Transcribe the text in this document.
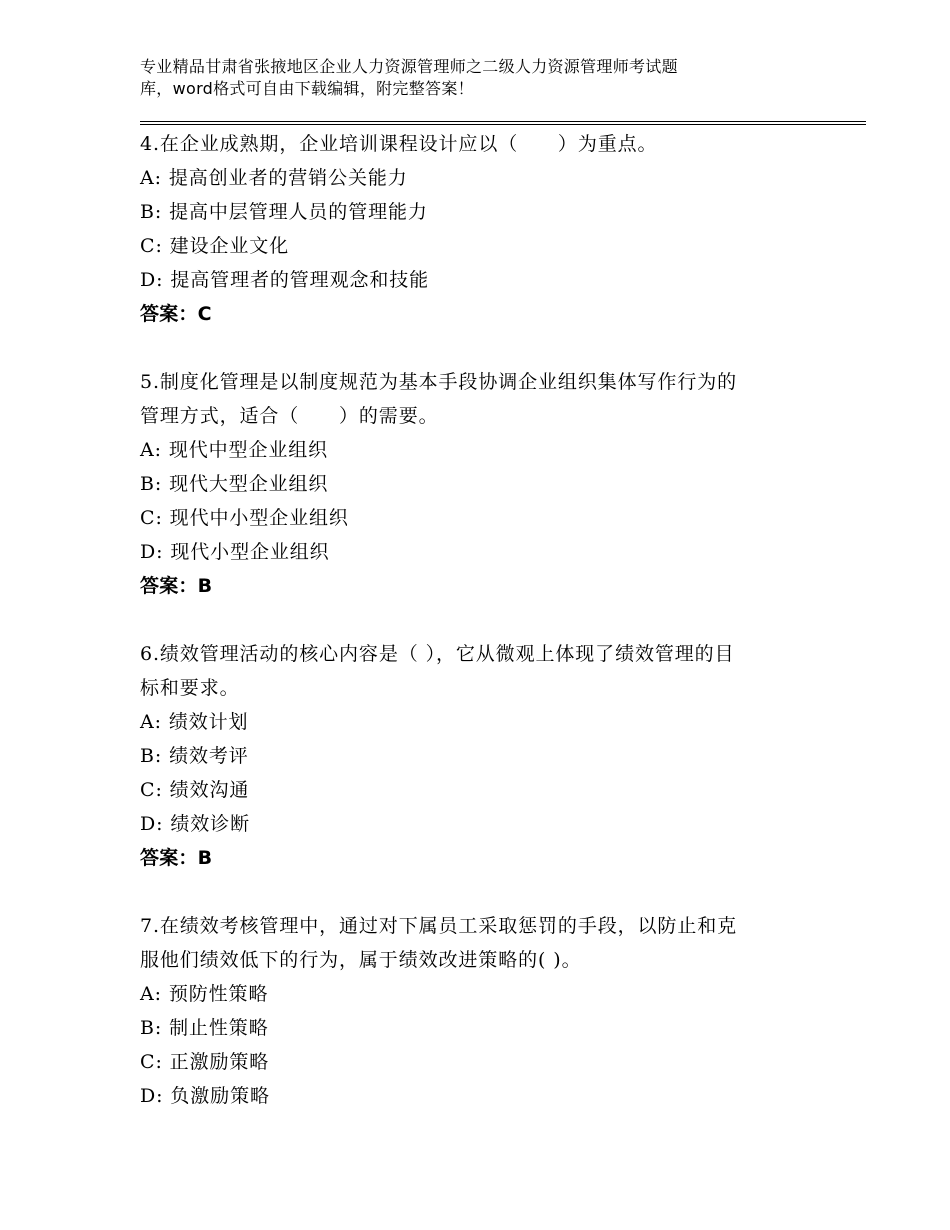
专业精品甘肃省张掖地区企业人力资源管理师之二级人力资源管理师考试题
库，word格式可自由下载编辑，附完整答案！
4.在企业成熟期，企业培训课程设计应以（　　）为重点。
A: 提高创业者的营销公关能力
B: 提高中层管理人员的管理能力
C: 建设企业文化
D: 提高管理者的管理观念和技能
答案：C
5.制度化管理是以制度规范为基本手段协调企业组织集体写作行为的
管理方式，适合（　　）的需要。
A: 现代中型企业组织
B: 现代大型企业组织
C: 现代中小型企业组织
D: 现代小型企业组织
答案：B
6.绩效管理活动的核心内容是（ ），它从微观上体现了绩效管理的目
标和要求。
A: 绩效计划
B: 绩效考评
C: 绩效沟通
D: 绩效诊断
答案：B
7.在绩效考核管理中，通过对下属员工采取惩罚的手段，以防止和克
服他们绩效低下的行为，属于绩效改进策略的( )。
A: 预防性策略
B: 制止性策略
C: 正激励策略
D: 负激励策略
